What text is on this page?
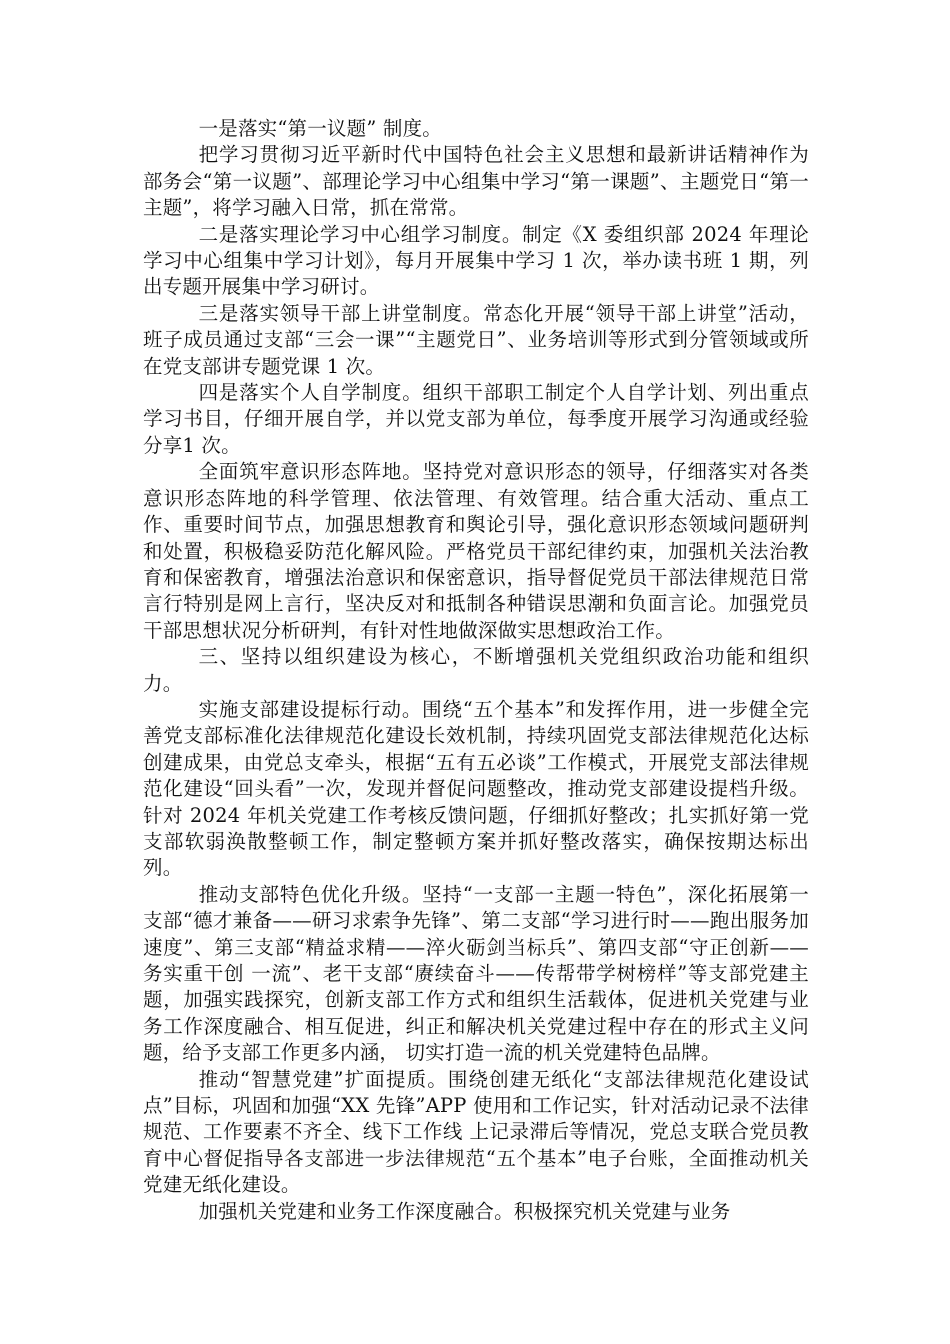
一是落实“第一议题” 制度。

把学习贯彻习近平新时代中国特色社会主义思想和最新讲话精神作为部务会“第一议题”、部理论学习中心组集中学习“第一课题”、主题党日“第一主题”，将学习融入日常，抓在常常。

二是落实理论学习中心组学习制度。制定《X 委组织部 2024 年理论学习中心组集中学习计划》，每月开展集中学习 1 次，举办读书班 1 期，列出专题开展集中学习研讨。

三是落实领导干部上讲堂制度。常态化开展“领导干部上讲堂”活动，班子成员通过支部“三会一课”“主题党日”、业务培训等形式到分管领域或所在党支部讲专题党课 1 次。

四是落实个人自学制度。组织干部职工制定个人自学计划、列出重点学习书目，仔细开展自学，并以党支部为单位，每季度开展学习沟通或经验分享1 次。

全面筑牢意识形态阵地。坚持党对意识形态的领导，仔细落实对各类意识形态阵地的科学管理、依法管理、有效管理。结合重大活动、重点工作、重要时间节点，加强思想教育和舆论引导，强化意识形态领域问题研判和处置，积极稳妥防范化解风险。严格党员干部纪律约束，加强机关法治教育和保密教育，增强法治意识和保密意识，指导督促党员干部法律规范日常言行特别是网上言行，坚决反对和抵制各种错误思潮和负面言论。加强党员干部思想状况分析研判，有针对性地做深做实思想政治工作。

三、坚持以组织建设为核心，不断增强机关党组织政治功能和组织力。

实施支部建设提标行动。围绕“五个基本”和发挥作用，进一步健全完善党支部标准化法律规范化建设长效机制，持续巩固党支部法律规范化达标创建成果，由党总支牵头，根据“五有五必谈”工作模式，开展党支部法律规范化建设“回头看”一次，发现并督促问题整改，推动党支部建设提档升级。针对 2024 年机关党建工作考核反馈问题，仔细抓好整改；扎实抓好第一党支部软弱涣散整顿工作，制定整顿方案并抓好整改落实，确保按期达标出列。

推动支部特色优化升级。坚持“一支部一主题一特色”，深化拓展第一支部“德才兼备——研习求索争先锋”、第二支部“学习进行时——跑出服务加速度”、第三支部“精益求精——淬火砺剑当标兵”、第四支部“守正创新——务实重干创 一流”、老干支部“赓续奋斗——传帮带学树榜样”等支部党建主题，加强实践探究，创新支部工作方式和组织生活载体，促进机关党建与业务工作深度融合、相互促进，纠正和解决机关党建过程中存在的形式主义问题，给予支部工作更多内涵， 切实打造一流的机关党建特色品牌。

推动“智慧党建”扩面提质。围绕创建无纸化“支部法律规范化建设试点”目标，巩固和加强“XX 先锋”APP 使用和工作记实，针对活动记录不法律规范、工作要素不齐全、线下工作线 上记录滞后等情况，党总支联合党员教育中心督促指导各支部进一步法律规范“五个基本”电子台账，全面推动机关党建无纸化建设。

加强机关党建和业务工作深度融合。积极探究机关党建与业务
